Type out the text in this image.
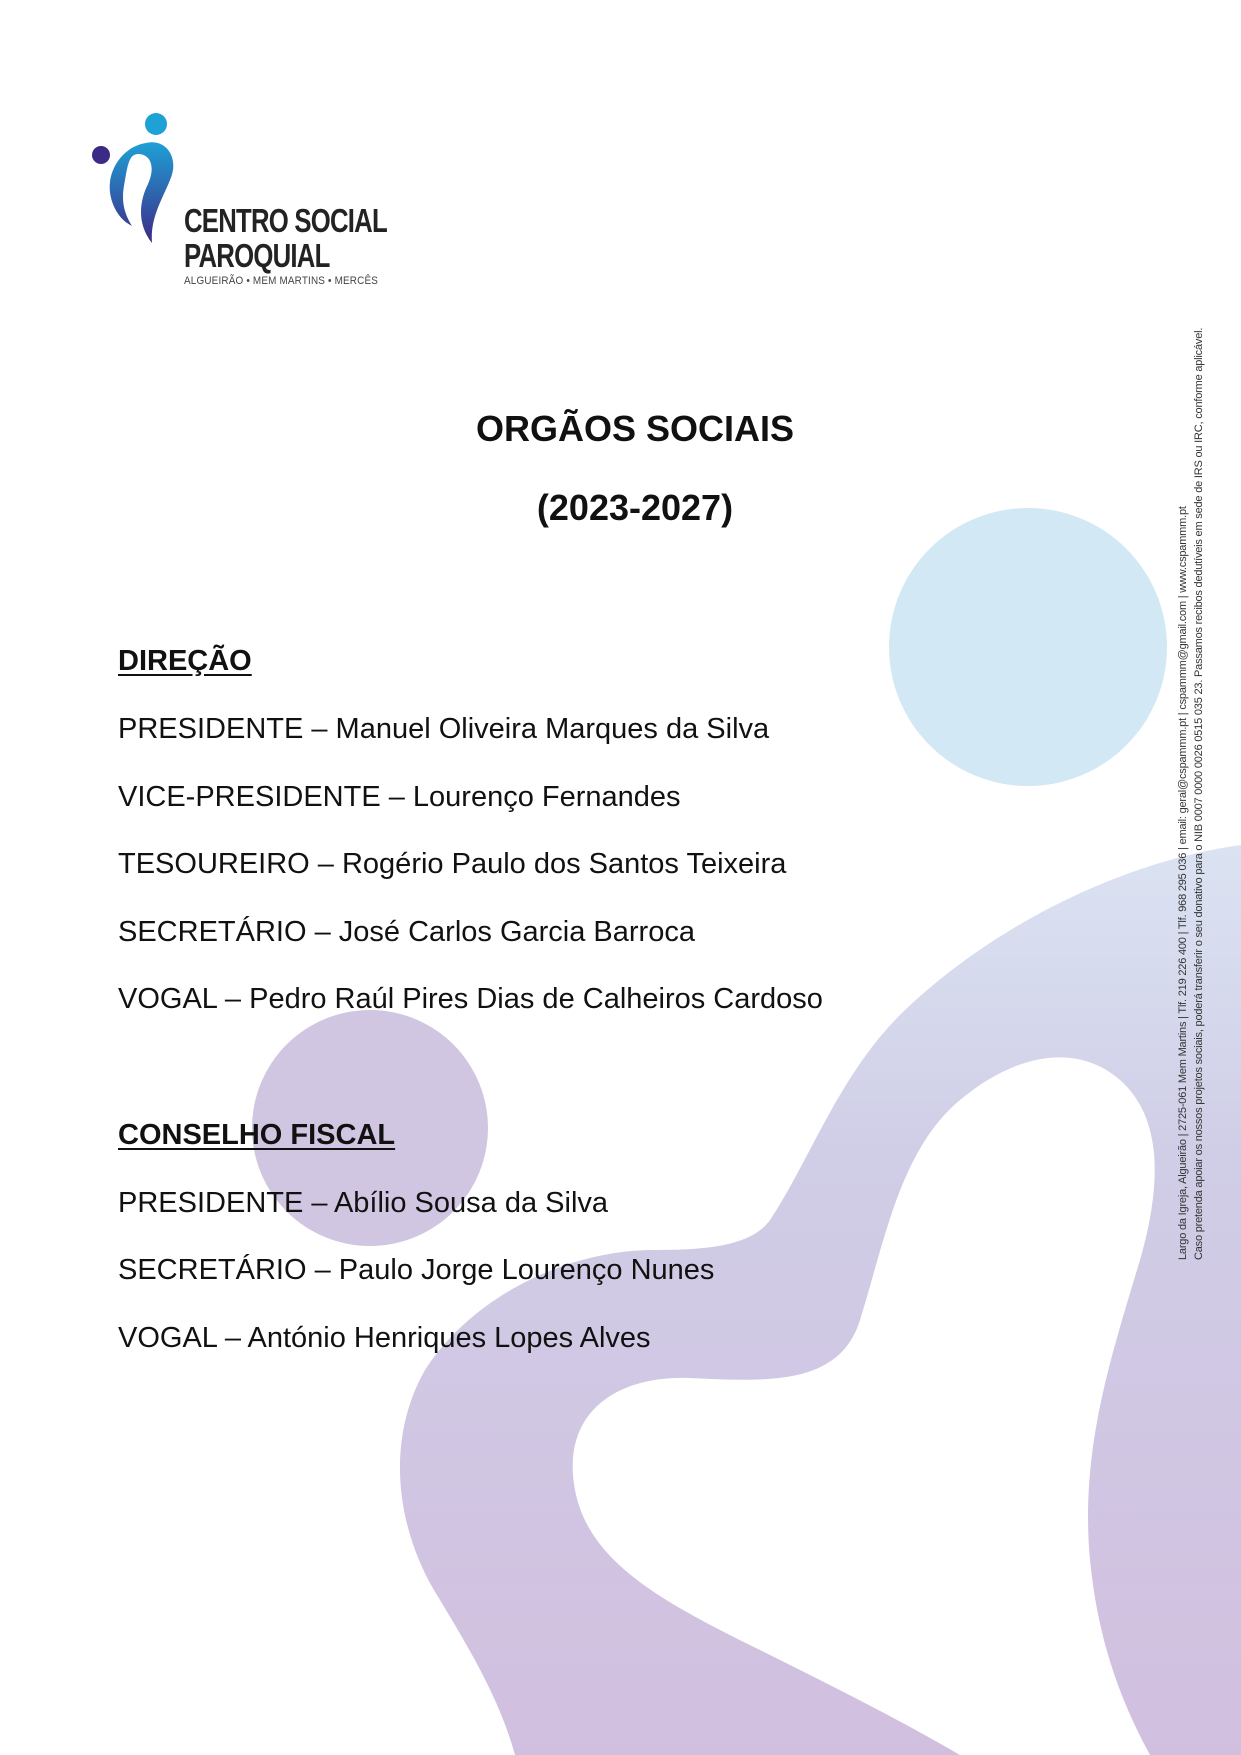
CENTRO SOCIAL
PAROQUIAL
ALGUEIRÃO • MEM MARTINS • MERCÊS
ORGÃOS SOCIAIS
(2023-2027)
DIREÇÃO
PRESIDENTE – Manuel Oliveira Marques da Silva
VICE-PRESIDENTE – Lourenço Fernandes
TESOUREIRO – Rogério Paulo dos Santos Teixeira
SECRETÁRIO – José Carlos Garcia Barroca
VOGAL – Pedro Raúl Pires Dias de Calheiros Cardoso
CONSELHO FISCAL
PRESIDENTE – Abílio Sousa da Silva
SECRETÁRIO – Paulo Jorge Lourenço Nunes
VOGAL – António Henriques Lopes Alves
Largo da Igreja, Algueirão | 2725-061 Mem Martins | Tlf. 219 226 400 | Tlf. 968 295 036 | email: geral@cspammm.pt | cspammm@gmail.com | www.cspammm.pt Caso pretenda apoiar os nossos projetos sociais, poderá transferir o seu donativo para o NIB 0007 0000 0026 0515 035 23. Passamos recibos dedutíveis em sede de IRS ou IRC, conforme aplicável.
